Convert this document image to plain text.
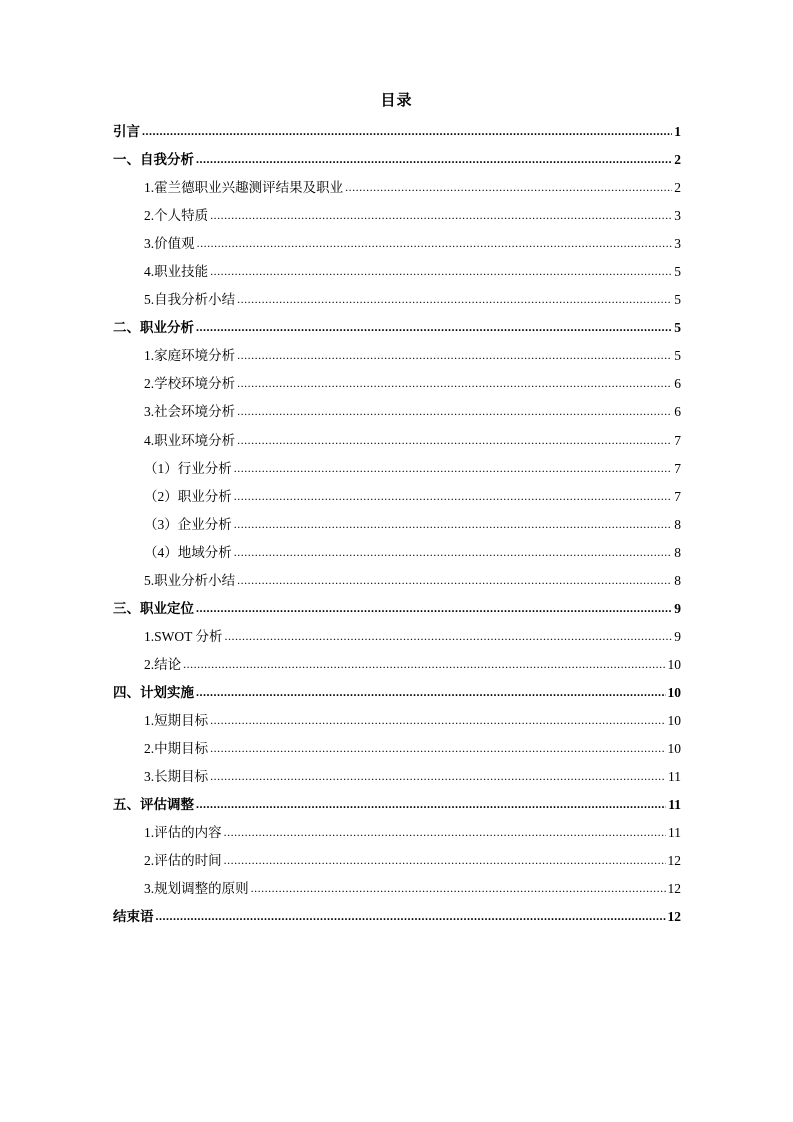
目录
引言 .....	1
一、自我分析 .....	2
1.霍兰德职业兴趣测评结果及职业 .....	2
2.个人特质 .....	3
3.价值观 .....	3
4.职业技能 .....	5
5.自我分析小结 .....	5
二、职业分析 .....	5
1.家庭环境分析 .....	5
2.学校环境分析 .....	6
3.社会环境分析 .....	6
4.职业环境分析 .....	7
（1）行业分析 .....	7
（2）职业分析 .....	7
（3）企业分析 .....	8
（4）地域分析 .....	8
5.职业分析小结 .....	8
三、职业定位 .....	9
1.SWOT 分析 .....	9
2.结论 .....	10
四、计划实施 .....	10
1.短期目标 .....	10
2.中期目标 .....	10
3.长期目标 .....	11
五、评估调整 .....	11
1.评估的内容 .....	11
2.评估的时间 .....	12
3.规划调整的原则 .....	12
结束语 .....	12
